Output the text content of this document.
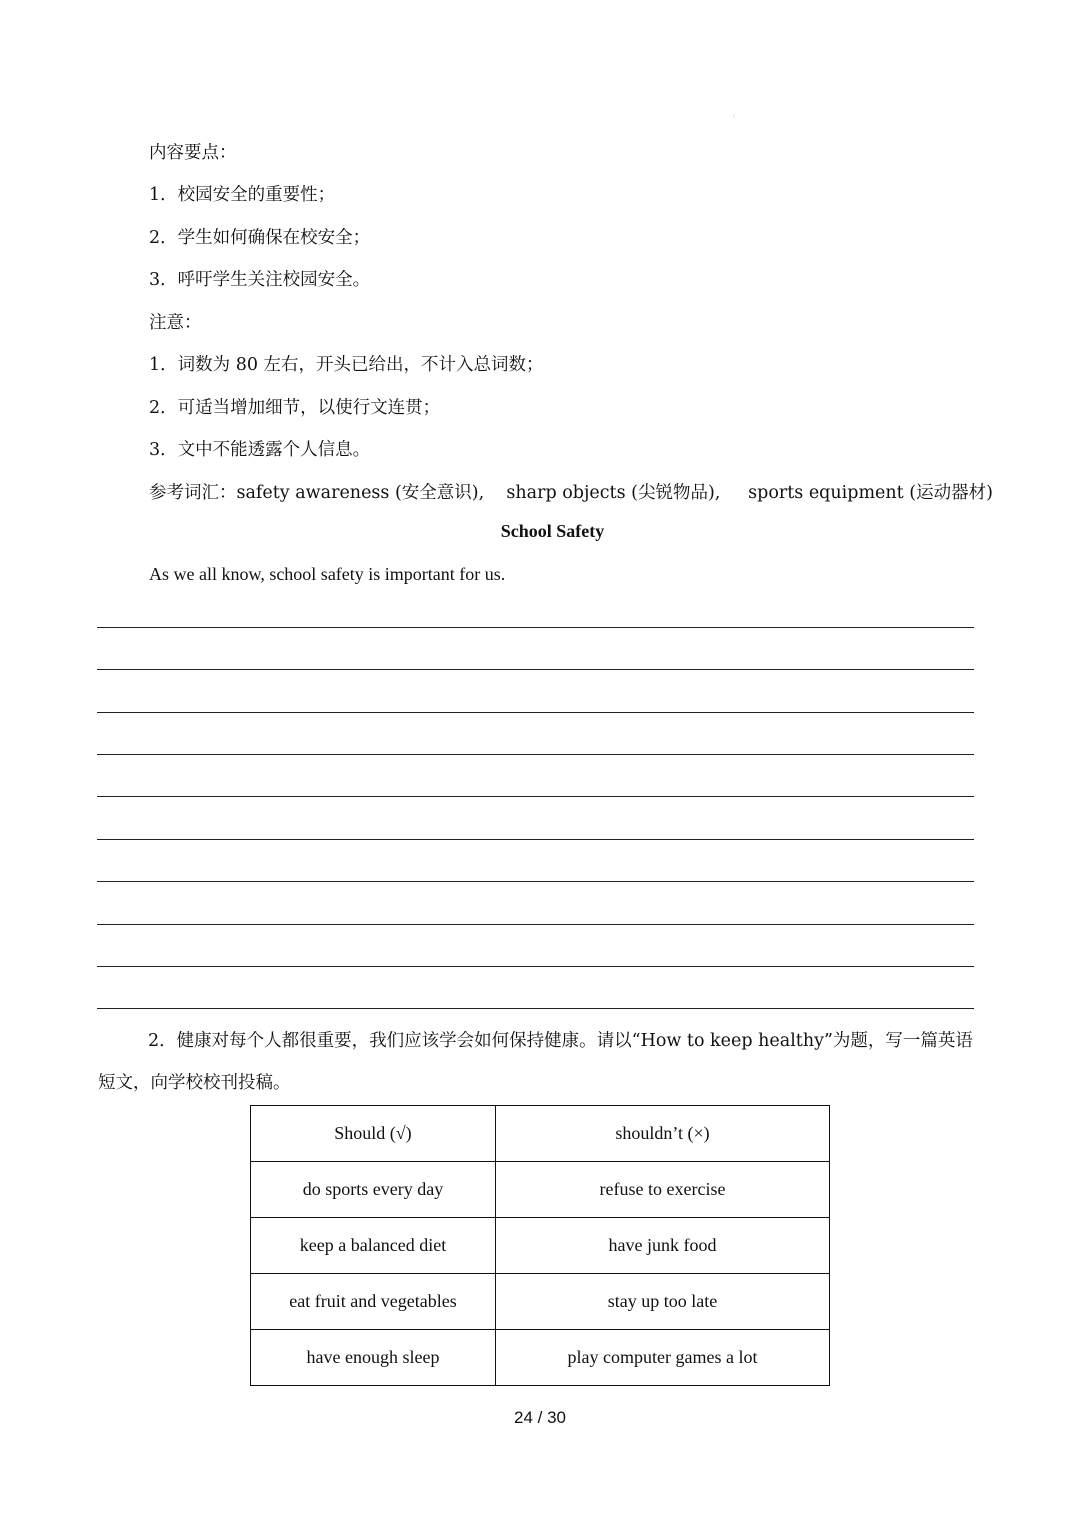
:
内容要点：
1．校园安全的重要性；
2．学生如何确保在校安全；
3．呼吁学生关注校园安全。
注意：
1．词数为 80 左右，开头已给出，不计入总词数；
2．可适当增加细节，以使行文连贯；
3．文中不能透露个人信息。
参考词汇：safety awareness (安全意识),    sharp objects (尖锐物品),     sports equipment (运动器材)
School Safety
As we all know, school safety is important for us.
2．健康对每个人都很重要，我们应该学会如何保持健康。请以“How to keep healthy”为题，写一篇英语短文，向学校校刊投稿。
Should (√)	shouldn’t (×)
do sports every day	refuse to exercise
keep a balanced diet	have junk food
eat fruit and vegetables	stay up too late
have enough sleep	play computer games a lot
24 / 30
